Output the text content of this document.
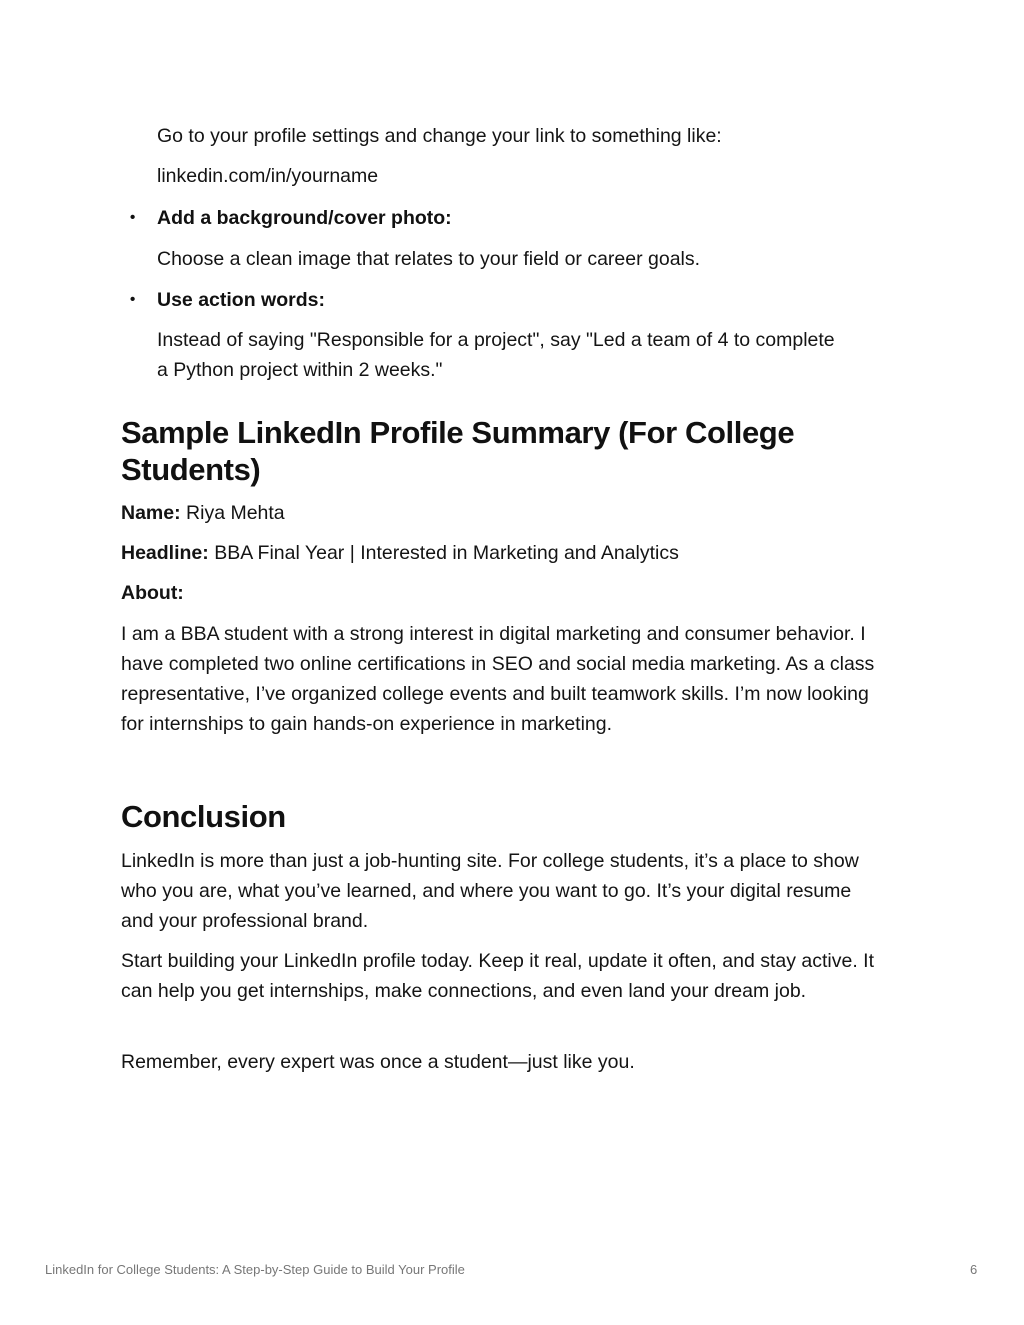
Go to your profile settings and change your link to something like:

linkedin.com/in/yourname

• Add a background/cover photo:

Choose a clean image that relates to your field or career goals.

• Use action words:

Instead of saying "Responsible for a project", say "Led a team of 4 to complete a Python project within 2 weeks."

Sample LinkedIn Profile Summary (For College Students)

Name: Riya Mehta

Headline: BBA Final Year | Interested in Marketing and Analytics

About:

I am a BBA student with a strong interest in digital marketing and consumer behavior. I have completed two online certifications in SEO and social media marketing. As a class representative, I’ve organized college events and built teamwork skills. I’m now looking for internships to gain hands-on experience in marketing.

Conclusion

LinkedIn is more than just a job-hunting site. For college students, it’s a place to show who you are, what you’ve learned, and where you want to go. It’s your digital resume and your professional brand.

Start building your LinkedIn profile today. Keep it real, update it often, and stay active. It can help you get internships, make connections, and even land your dream job.

Remember, every expert was once a student—just like you.

LinkedIn for College Students: A Step-by-Step Guide to Build Your Profile	6
